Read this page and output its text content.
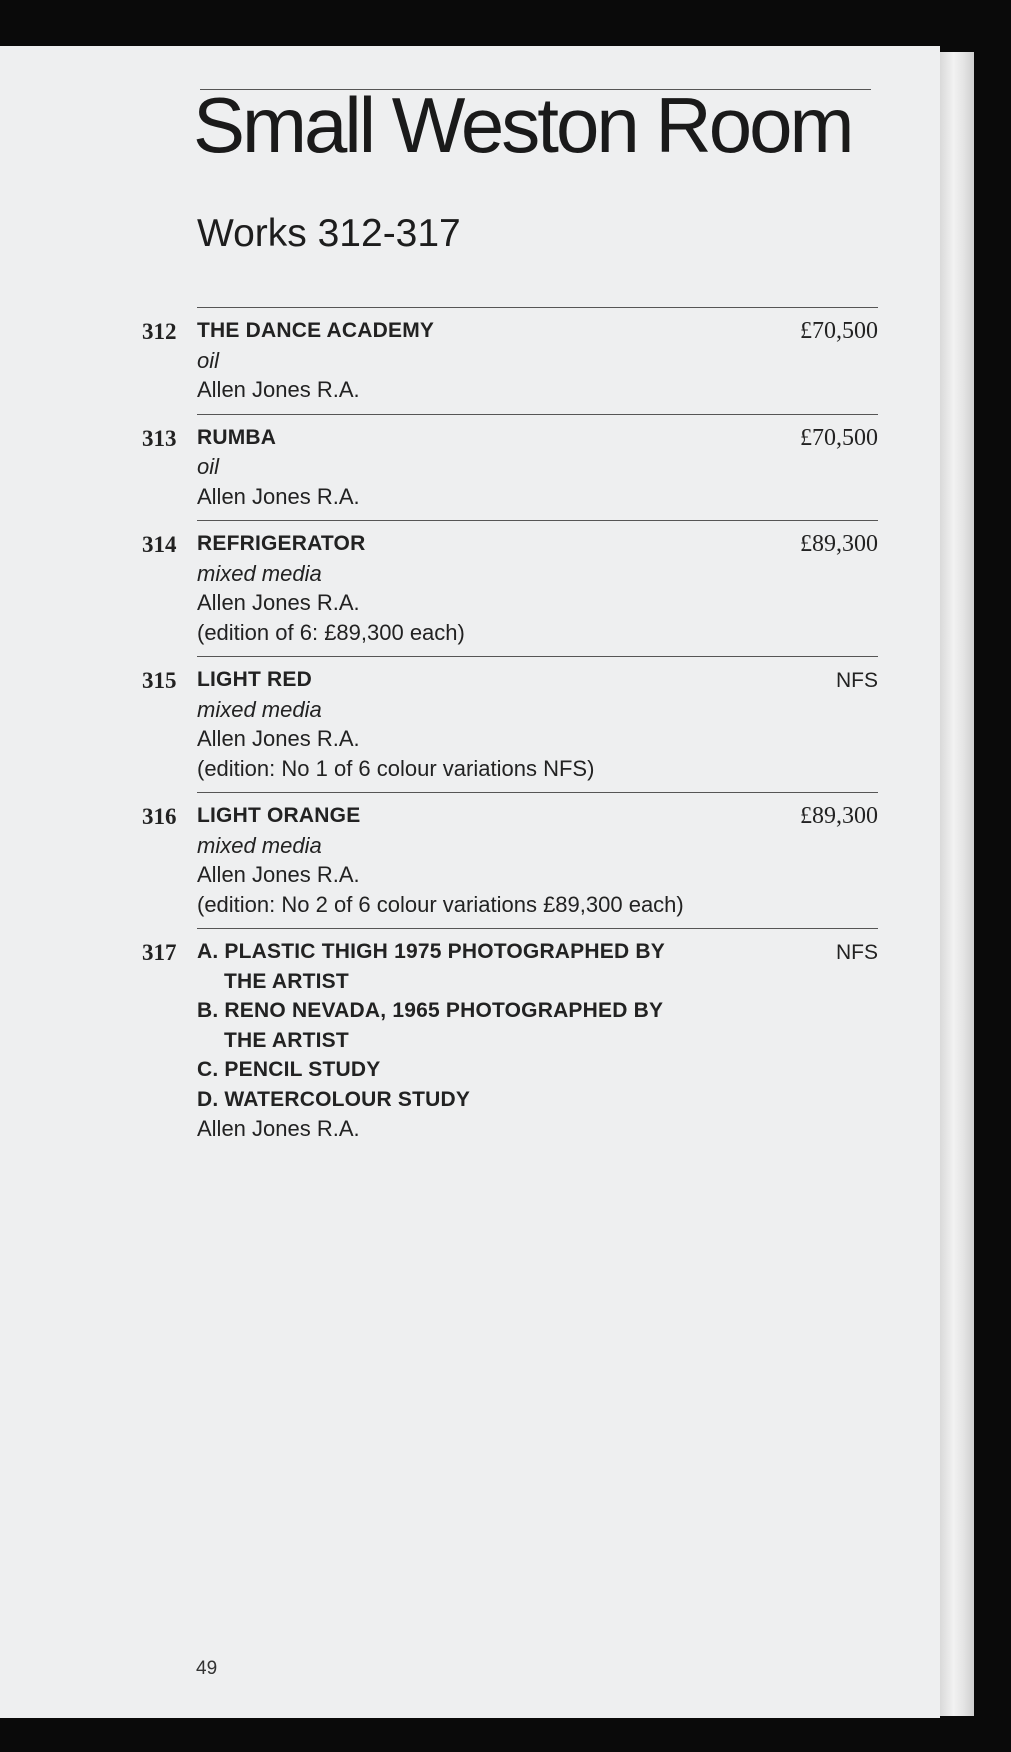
Small Weston Room
Works 312-317
312	£70,500
THE DANCE ACADEMY
oil
Allen Jones R.A.
313	£70,500
RUMBA
oil
Allen Jones R.A.
314	£89,300
REFRIGERATOR
mixed media
Allen Jones R.A.
(edition of 6: £89,300 each)
315	NFS
LIGHT RED
mixed media
Allen Jones R.A.
(edition: No 1 of 6 colour variations NFS)
316	£89,300
LIGHT ORANGE
mixed media
Allen Jones R.A.
(edition: No 2 of 6 colour variations £89,300 each)
317	NFS
A. PLASTIC THIGH 1975 PHOTOGRAPHED BY
THE ARTIST
B. RENO NEVADA, 1965 PHOTOGRAPHED BY
THE ARTIST
C. PENCIL STUDY
D. WATERCOLOUR STUDY
Allen Jones R.A.
49
